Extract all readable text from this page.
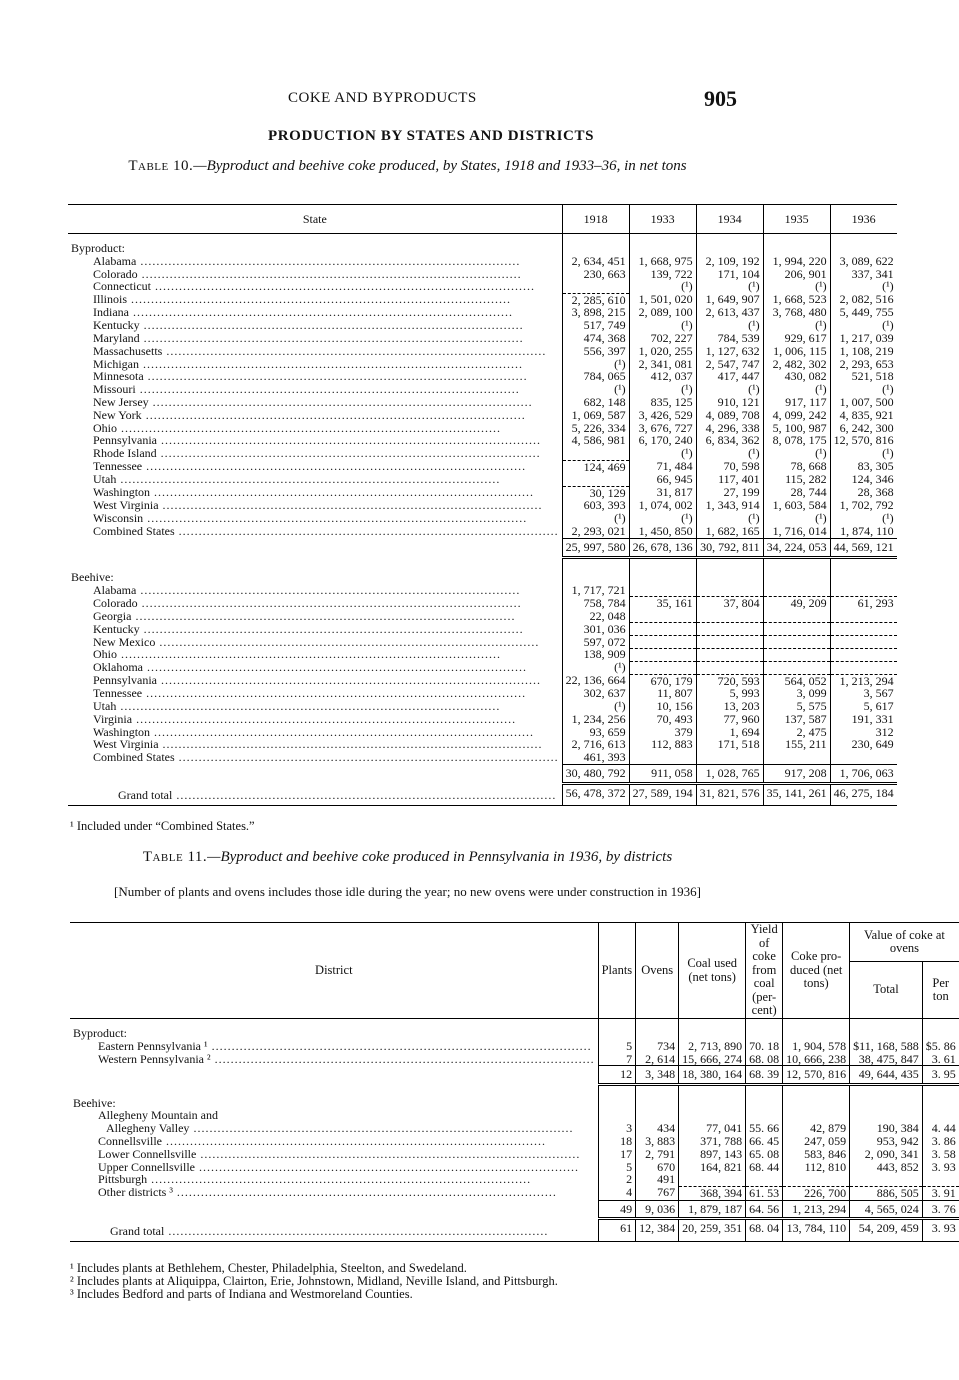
COKE AND BYPRODUCTS	905
PRODUCTION BY STATES AND DISTRICTS
Table 10.—Byproduct and beehive coke produced, by States, 1918 and 1933–36, in net tons
State	1918	1933	1934	1935	1936
Byproduct:					

Alabama .....	2, 634, 451	1, 668, 975	2, 109, 192	1, 994, 220	3, 089, 622

Colorado .....	230, 663	139, 722	171, 104	206, 901	337, 341

Connecticut .....		(¹)	(¹)	(¹)	(¹)

Illinois .....	2, 285, 610	1, 501, 020	1, 649, 907	1, 668, 523	2, 082, 516

Indiana .....	3, 898, 215	2, 089, 100	2, 613, 437	3, 768, 480	5, 449, 755

Kentucky .....	517, 749	(¹)	(¹)	(¹)	(¹)

Maryland .....	474, 368	702, 227	784, 539	929, 617	1, 217, 039

Massachusetts .....	556, 397	1, 020, 255	1, 127, 632	1, 006, 115	1, 108, 219

Michigan .....	(¹)	2, 341, 081	2, 547, 747	2, 482, 302	2, 293, 653

Minnesota .....	784, 065	412, 037	417, 447	430, 082	521, 518

Missouri .....	(¹)	(¹)	(¹)	(¹)	(¹)

New Jersey .....	682, 148	835, 125	910, 121	917, 117	1, 007, 500

New York .....	1, 069, 587	3, 426, 529	4, 089, 708	4, 099, 242	4, 835, 921

Ohio .....	5, 226, 334	3, 676, 727	4, 296, 338	5, 100, 987	6, 242, 300

Pennsylvania .....	4, 586, 981	6, 170, 240	6, 834, 362	8, 078, 175	12, 570, 816

Rhode Island .....		(¹)	(¹)	(¹)	(¹)

Tennessee .....	124, 469	71, 484	70, 598	78, 668	83, 305

Utah .....		66, 945	117, 401	115, 282	124, 346

Washington .....	30, 129	31, 817	27, 199	28, 744	28, 368

West Virginia .....	603, 393	1, 074, 002	1, 343, 914	1, 603, 584	1, 702, 792

Wisconsin .....	(¹)	(¹)	(¹)	(¹)	(¹)

Combined States .....	2, 293, 021	1, 450, 850	1, 682, 165	1, 716, 014	1, 874, 110
	25, 997, 580	26, 678, 136	30, 792, 811	34, 224, 053	44, 569, 121

Beehive:					

Alabama .....	1, 717, 721				

Colorado .....	758, 784	35, 161	37, 804	49, 209	61, 293

Georgia .....	22, 048				

Kentucky .....	301, 036				

New Mexico .....	597, 072				

Ohio .....	138, 909				

Oklahoma .....	(¹)				

Pennsylvania .....	22, 136, 664	670, 179	720, 593	564, 052	1, 213, 294

Tennessee .....	302, 637	11, 807	5, 993	3, 099	3, 567

Utah .....	(¹)	10, 156	13, 203	5, 575	5, 617

Virginia .....	1, 234, 256	70, 493	77, 960	137, 587	191, 331

Washington .....	93, 659	379	1, 694	2, 475	312

West Virginia .....	2, 716, 613	112, 883	171, 518	155, 211	230, 649

Combined States .....	461, 393				
	30, 480, 792	911, 058	1, 028, 765	917, 208	1, 706, 063

Grand total .....	56, 478, 372	27, 589, 194	31, 821, 576	35, 141, 261	46, 275, 184
¹ Included under “Combined States.”
Table 11.—Byproduct and beehive coke produced in Pennsylvania in 1936, by districts
[Number of plants and ovens includes those idle during the year; no new ovens were under construction in 1936]
District	Plants	Ovens	Coal used (net tons)	Yield of coke from coal (per- cent)	Coke pro- duced (net tons)	Value of coke at ovens	
						Total	Per ton
Byproduct:							

Eastern Pennsylvania ¹ .....	5	734	2, 713, 890	70. 18	1, 904, 578	$11, 168, 588	$5. 86

Western Pennsylvania ² .....	7	2, 614	15, 666, 274	68. 08	10, 666, 238	38, 475, 847	3. 61
	12	3, 348	18, 380, 164	68. 39	12, 570, 816	49, 644, 435	3. 95

Beehive:							

Allegheny Mountain and							

Allegheny Valley .....	3	434	77, 041	55. 66	42, 879	190, 384	4. 44

Connellsville .....	18	3, 883	371, 788	66. 45	247, 059	953, 942	3. 86

Lower Connellsville .....	17	2, 791	897, 143	65. 08	583, 846	2, 090, 341	3. 58

Upper Connellsville .....	5	670	164, 821	68. 44	112, 810	443, 852	3. 93

Pittsburgh .....	2	491					

Other districts ³ .....	4	767	368, 394	61. 53	226, 700	886, 505	3. 91
	49	9, 036	1, 879, 187	64. 56	1, 213, 294	4, 565, 024	3. 76

Grand total .....	61	12, 384	20, 259, 351	68. 04	13, 784, 110	54, 209, 459	3. 93
¹ Includes plants at Bethlehem, Chester, Philadelphia, Steelton, and Swedeland.
² Includes plants at Aliquippa, Clairton, Erie, Johnstown, Midland, Neville Island, and Pittsburgh.
³ Includes Bedford and parts of Indiana and Westmoreland Counties.
